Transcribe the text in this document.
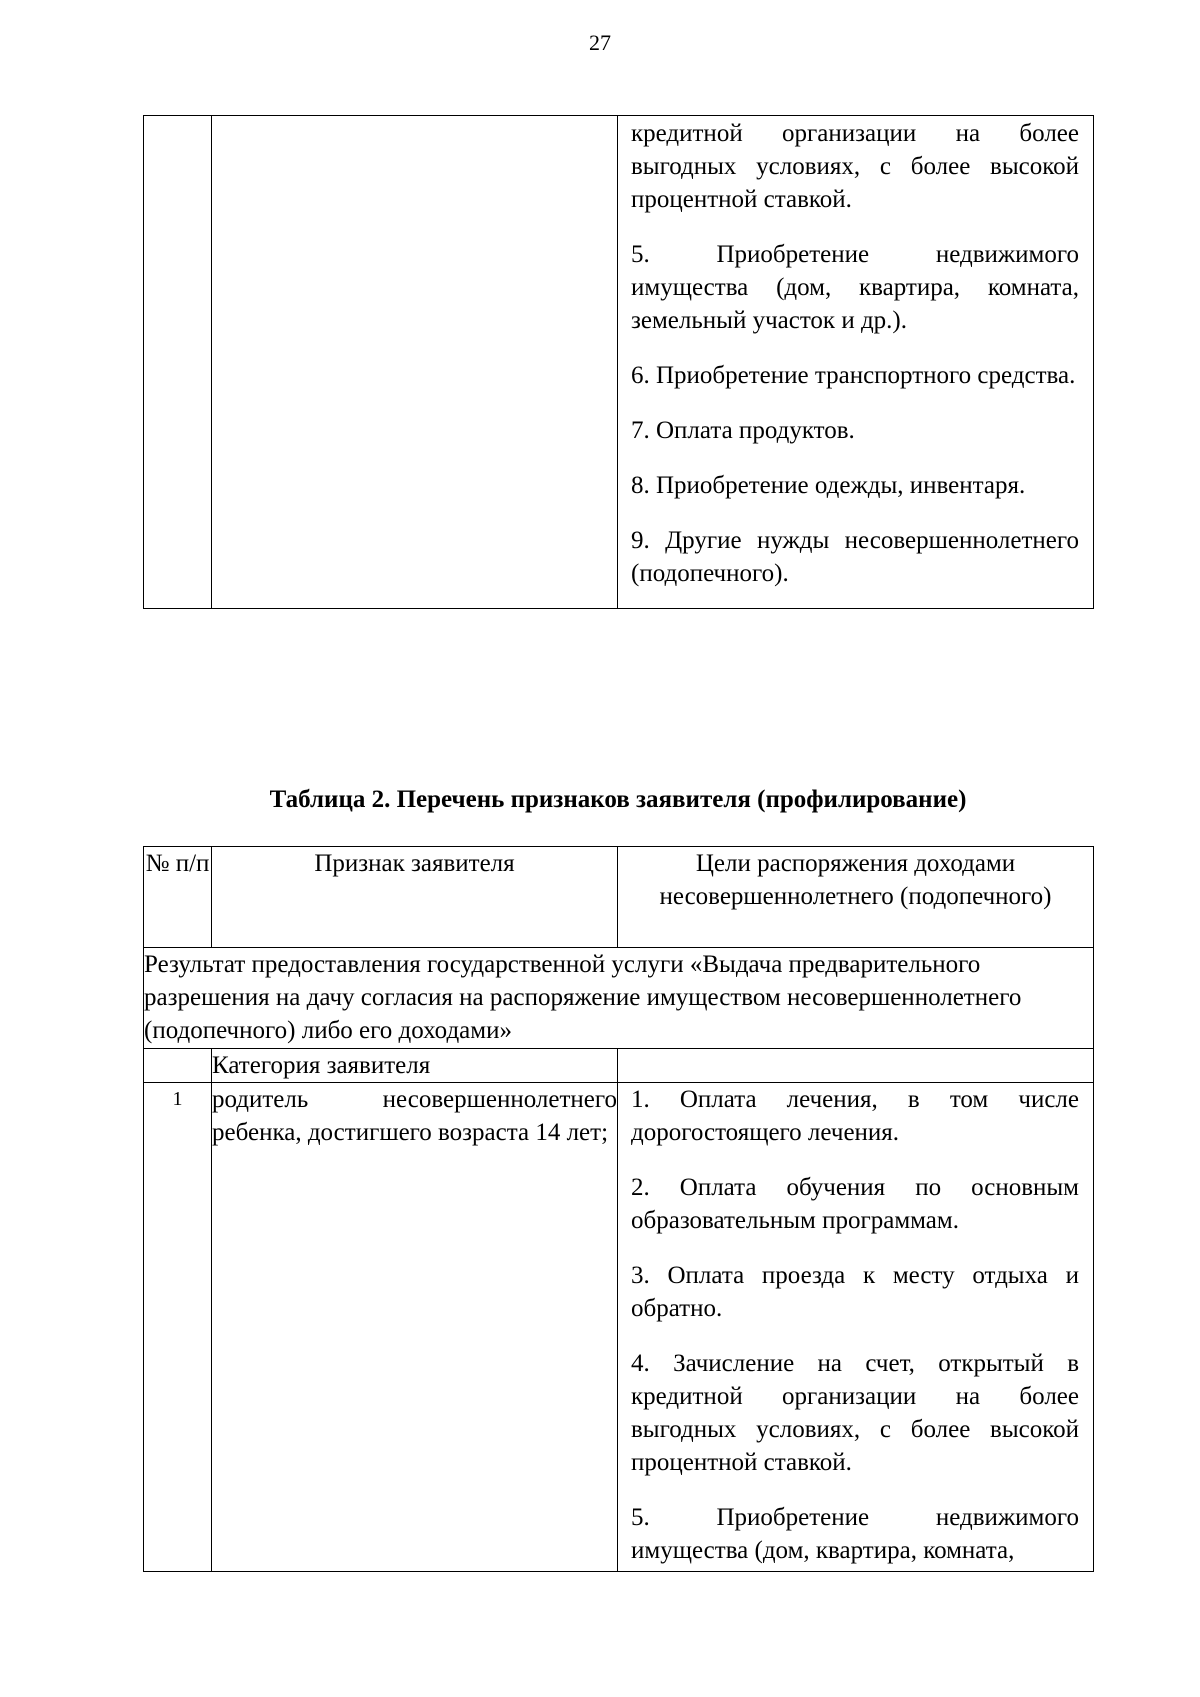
27

кредитной организации на более выгодных условиях, с более высокой процентной ставкой.

5. Приобретение недвижимого имущества (дом, квартира, комната, земельный участок и др.).

6. Приобретение транспортного средства.

7. Оплата продуктов.

8. Приобретение одежды, инвентаря.

9. Другие нужды несовершеннолетнего (подопечного).

Таблица 2. Перечень признаков заявителя (профилирование)
№ п/п	Признак заявителя	Цели распоряжения доходами несовершеннолетнего (подопечного)
Результат предоставления государственной услуги «Выдача предварительного разрешения на дачу согласия на распоряжение имуществом несовершеннолетнего (подопечного) либо его доходами»		
	Категория заявителя	
1	родитель несовершеннолетнего ребенка, достигшего возраста 14 лет;	1. Оплата лечения, в том числе дорогостоящего лечения.

2. Оплата обучения по основным образовательным программам.

3. Оплата проезда к месту отдыха и обратно.

4. Зачисление на счет, открытый в кредитной организации на более выгодных условиях, с более высокой процентной ставкой.

5. Приобретение недвижимого имущества (дом, квартира, комната,
